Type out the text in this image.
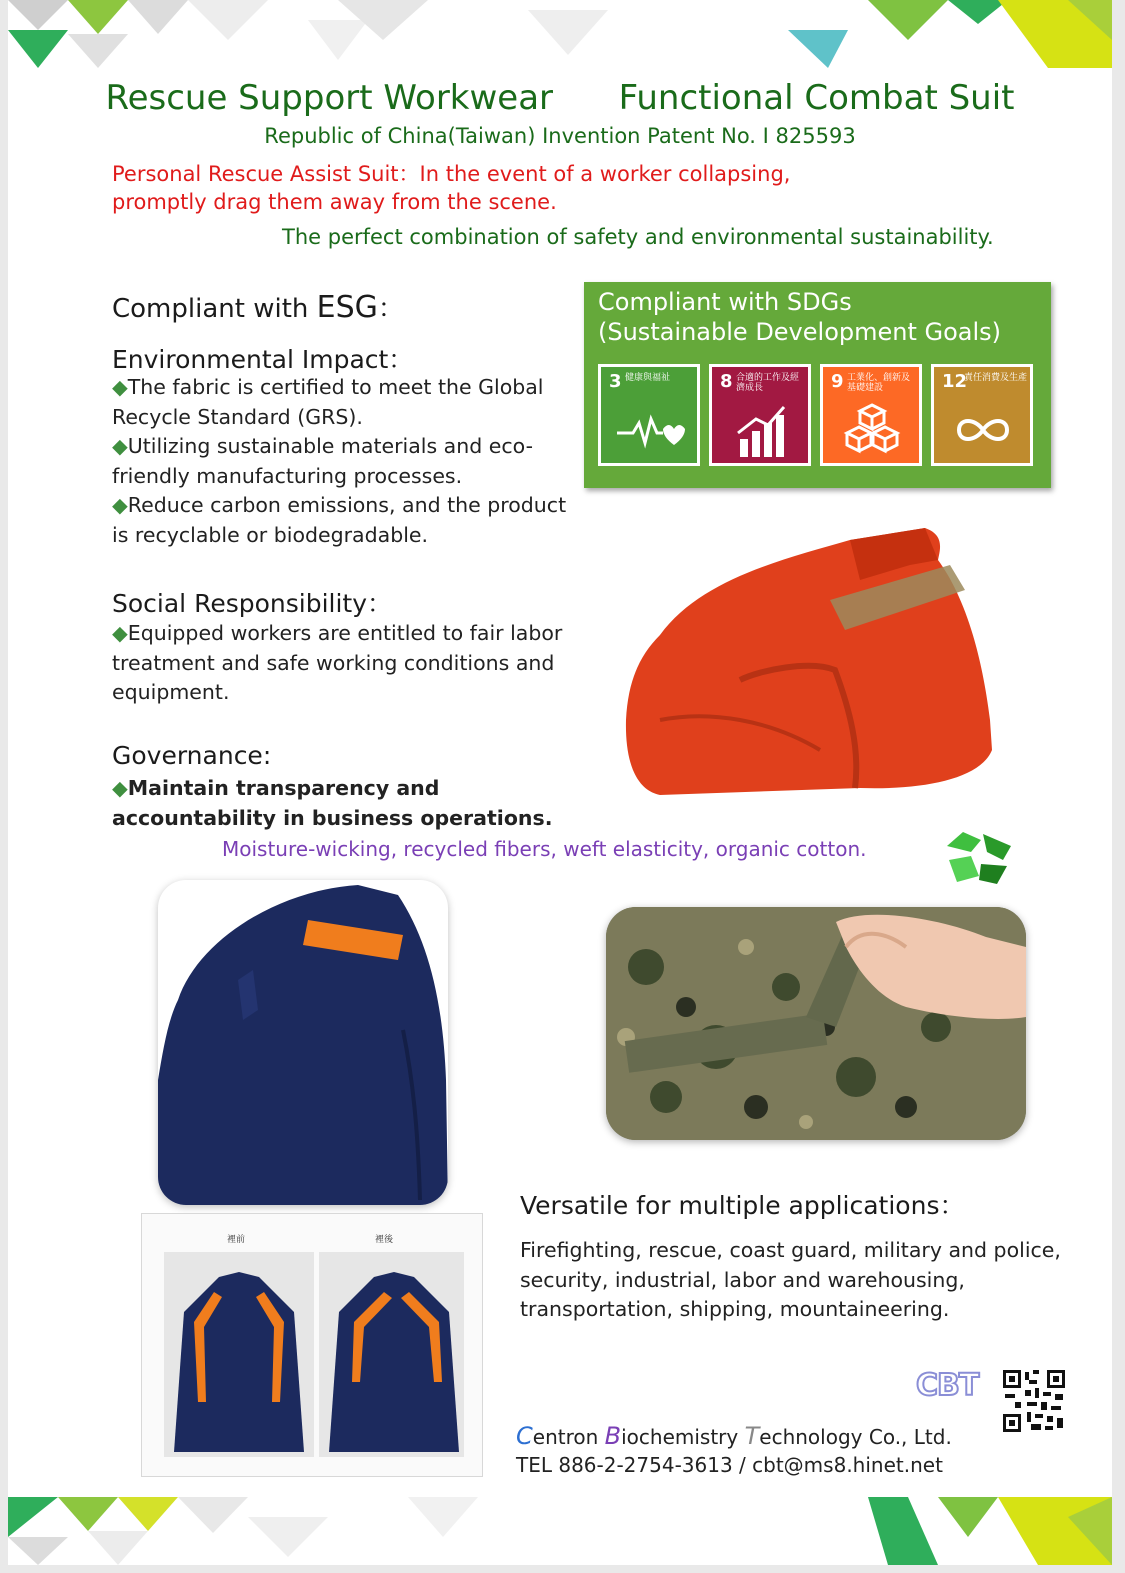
Rescue Support Workwear Functional Combat Suit
Republic of China(Taiwan) Invention Patent No. I 825593
Personal Rescue Assist Suit：In the event of a worker collapsing,
promptly drag them away from the scene.
The perfect combination of safety and environmental sustainability.
Compliant with ESG：
Environmental Impact：
◆The fabric is certified to meet the Global Recycle Standard (GRS).
◆Utilizing sustainable materials and eco-friendly manufacturing processes.
◆Reduce carbon emissions, and the product is recyclable or biodegradable.
Social Responsibility：
◆Equipped workers are entitled to fair labor treatment and safe working conditions and equipment.
Governance:
◆Maintain transparency and accountability in business operations.
Compliant with SDGs
(Sustainable Development Goals)
3 健康與福祉	8 合適的工作及經濟成長	9 工業化、創新及基礎建設	12
責任消費及生產
Moisture-wicking, recycled fibers, weft elasticity, organic cotton.
裡前	裡後
Versatile for multiple applications：
Firefighting, rescue, coast guard, military and police, security, industrial, labor and warehousing, transportation, shipping, mountaineering.
CBT
Centron Biochemistry Technology Co., Ltd.
TEL 886-2-2754-3613 / cbt@ms8.hinet.net
